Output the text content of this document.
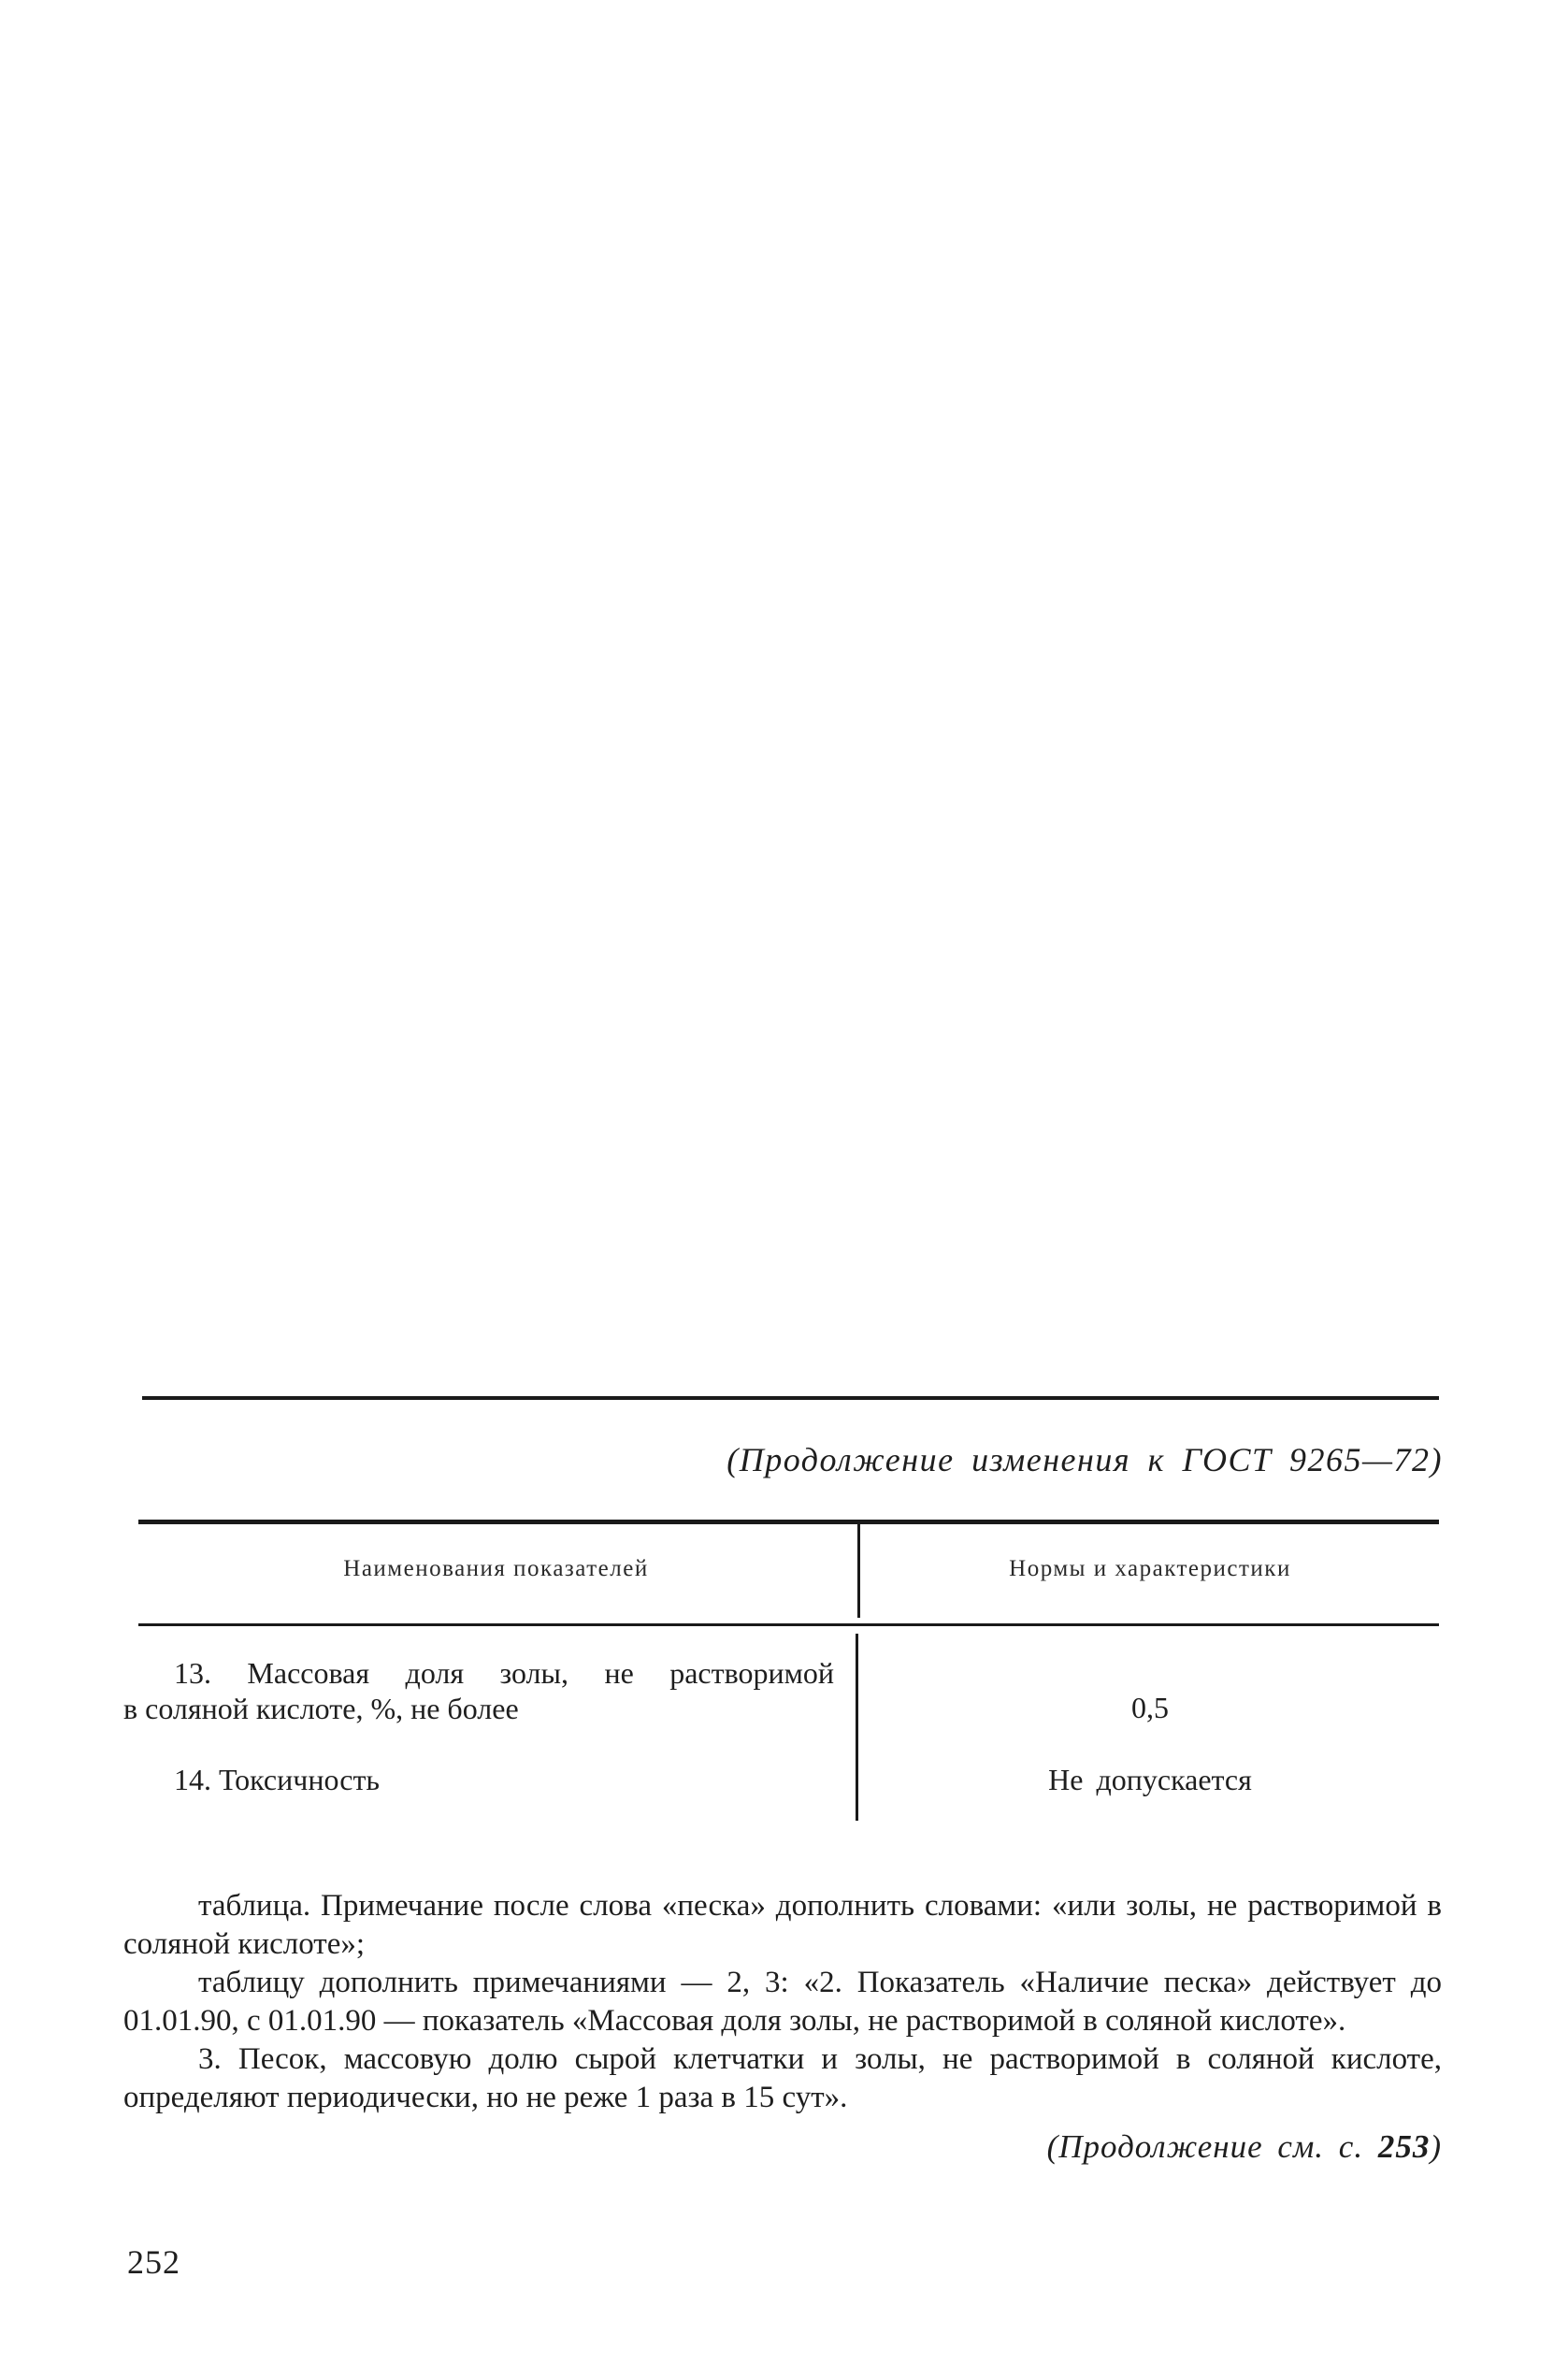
(Продолжение изменения к ГОСТ 9265—72)
Наименования показателей	Нормы и характеристики
13. Массовая доля золы, не растворимой
в соляной кислоте, %, не более	0,5
14. Токсичность	Не допускается

таблица. Примечание после слова «песка» дополнить словами: «или золы, не растворимой в соляной кислоте»;

таблицу дополнить примечаниями — 2, 3: «2. Показатель «Наличие песка» действует до 01.01.90, с 01.01.90 — показатель «Массовая доля золы, не растворимой в соляной кислоте».

3. Песок, массовую долю сырой клетчатки и золы, не растворимой в соляной кислоте, определяют периодически, но не реже 1 раза в 15 сут».

(Продолжение см. с. 253)
252
